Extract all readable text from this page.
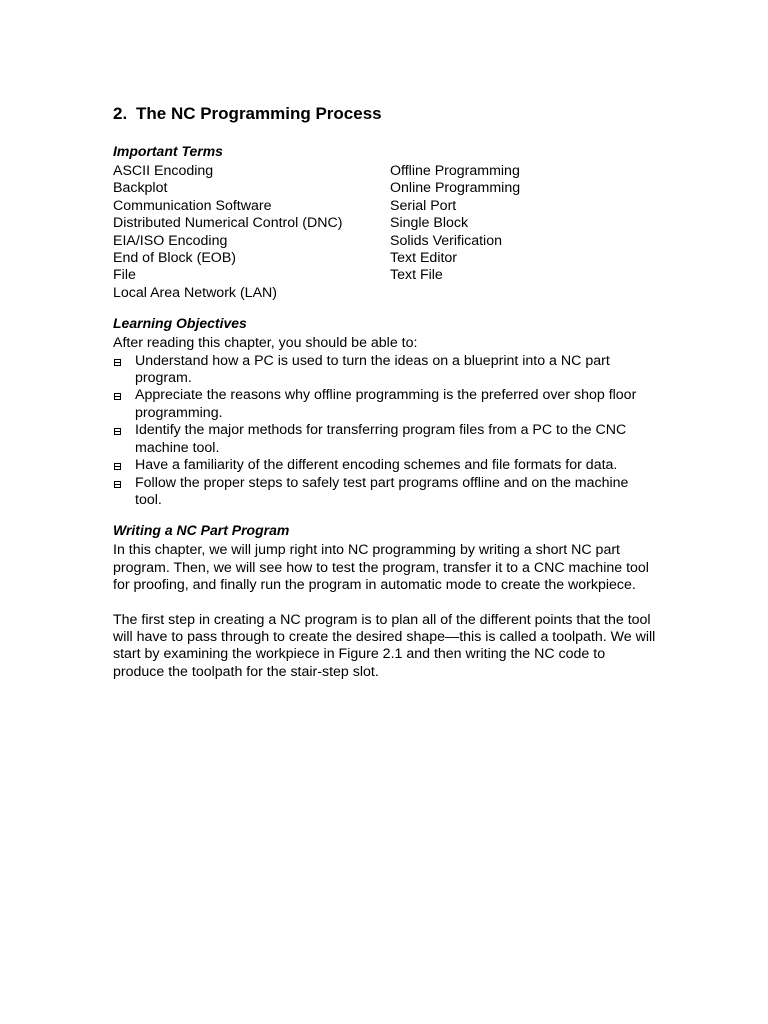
2. The NC Programming Process
Important Terms
ASCII Encoding
Backplot
Communication Software
Distributed Numerical Control (DNC)
EIA/ISO Encoding
End of Block (EOB)
File
Local Area Network (LAN)
Offline Programming
Online Programming
Serial Port
Single Block
Solids Verification
Text Editor
Text File
Learning Objectives
After reading this chapter, you should be able to:
Understand how a PC is used to turn the ideas on a blueprint into a NC part program.
Appreciate the reasons why offline programming is the preferred over shop floor programming.
Identify the major methods for transferring program files from a PC to the CNC machine tool.
Have a familiarity of the different encoding schemes and file formats for data.
Follow the proper steps to safely test part programs offline and on the machine tool.
Writing a NC Part Program

In this chapter, we will jump right into NC programming by writing a short NC part program. Then, we will see how to test the program, transfer it to a CNC machine tool for proofing, and finally run the program in automatic mode to create the workpiece.

The first step in creating a NC program is to plan all of the different points that the tool will have to pass through to create the desired shape—this is called a toolpath. We will start by examining the workpiece in Figure 2.1 and then writing the NC code to produce the toolpath for the stair-step slot.
